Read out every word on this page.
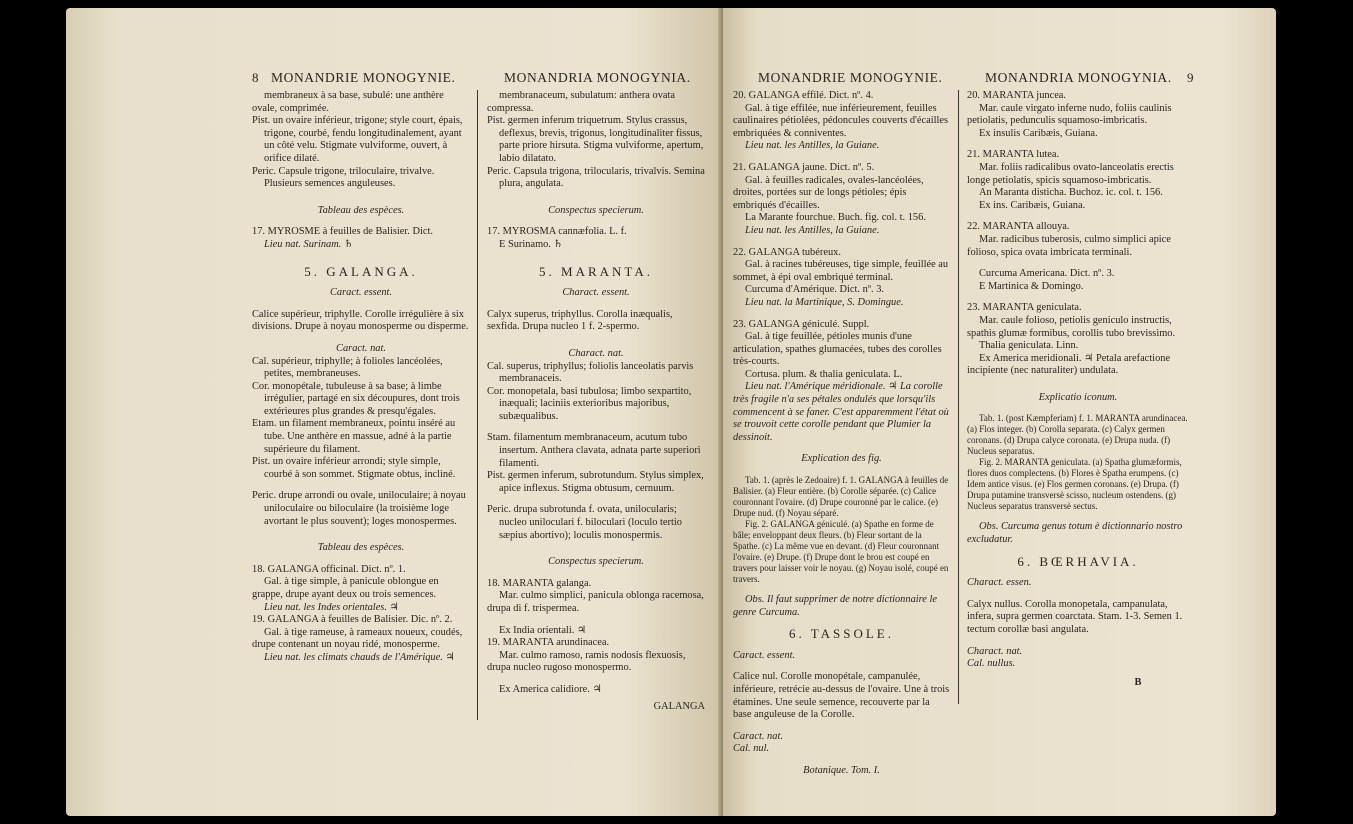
8 MONANDRIE MONOGYNIE.	MONANDRIA MONOGYNIA.

membraneux à sa base, subulé: une anthère ovale, comprimée.

Pist. un ovaire inférieur, trigone; style court, épais, trigone, courbé, fendu longitudinalement, ayant un côté velu. Stigmate vulviforme, ouvert, à orifice dilaté.

Peric. Capsule trigone, triloculaire, trivalve. Plusieurs semences anguleuses.

Tableau des espèces.

17. MYROSME à feuilles de Balisier. Dict.

Lieu nat. Surinam. ♄

5. GALANGA.

Caract. essent.

Calice supérieur, triphylle. Corolle irrégulière à six divisions. Drupe à noyau monosperme ou disperme.

Caract. nat.

Cal. supérieur, triphylle; à folioles lancéolées, petites, membraneuses.

Cor. monopétale, tubuleuse à sa base; à limbe irrégulier, partagé en six découpures, dont trois extérieures plus grandes & presqu'égales.

Etam. un filament membraneux, pointu inséré au tube. Une anthère en massue, adné à la partie supérieure du filament.

Pist. un ovaire inférieur arrondi; style simple, courbé à son sommet. Stigmate obtus, incliné.

Peric. drupe arrondi ou ovale, uniloculaire; à noyau uniloculaire ou biloculaire (la troisième loge avortant le plus souvent); loges monospermes.

Tableau des espèces.

18. GALANGA officinal. Dict. nº. 1.

Gal. à tige simple, à panicule oblongue en grappe, drupe ayant deux ou trois semences.

Lieu nat. les Indes orientales. ♃

19. GALANGA à feuilles de Balisier. Dic. nº. 2.

Gal. à tige rameuse, à rameaux noueux, coudés, drupe contenant un noyau ridé, monosperme.

Lieu nat. les climats chauds de l'Amérique. ♃

membranaceum, subulatum: anthera ovata compressa.

Pist. germen inferum triquetrum. Stylus crassus, deflexus, brevis, trigonus, longitudinaliter fissus, parte priore hirsuta. Stigma vulviforme, apertum, labio dilatato.

Peric. Capsula trigona, trilocularis, trivalvis. Semina plura, angulata.

Conspectus specierum.

17. MYROSMA cannæfolia. L. f.

E Surinamo. ♄

5. MARANTA.

Charact. essent.

Calyx superus, triphyllus. Corolla inæqualis, sexfida. Drupa nucleo 1 f. 2-spermo.

Charact. nat.

Cal. superus, triphyllus; foliolis lanceolatis parvis membranaceis.

Cor. monopetala, basi tubulosa; limbo sexpartito, inæquali; laciniis exterioribus majoribus, subæqualibus.

Stam. filamentum membranaceum, acutum tubo insertum. Anthera clavata, adnata parte superiori filamenti.

Pist. germen inferum, subrotundum. Stylus simplex, apice inflexus. Stigma obtusum, cernuum.

Peric. drupa subrotunda f. ovata, unilocularis; nucleo uniloculari f. biloculari (loculo tertio sæpius abortivo); loculis monospermis.

Conspectus specierum.

18. MARANTA galanga.

Mar. culmo simplici, panicula oblonga racemosa, drupa di f. trispermea.

Ex India orientali. ♃

19. MARANTA arundinacea.

Mar. culmo ramoso, ramis nodosis flexuosis, drupa nucleo rugoso monospermo.

Ex America calidiore. ♃

GALANGA

MONANDRIE MONOGYNIE.	MONANDRIA MONOGYNIA. 9

20. GALANGA effilé. Dict. nº. 4.

Gal. à tige effilée, nue inférieurement, feuilles caulinaires pétiolées, pédoncules couverts d'écailles embriquées & conniventes.

Lieu nat. les Antilles, la Guiane.

21. GALANGA jaune. Dict. nº. 5.

Gal. à feuilles radicales, ovales-lancéolées, droites, portées sur de longs pétioles; épis embriqués d'écailles.

La Marante fourchue. Buch. fig. col. t. 156.

Lieu nat. les Antilles, la Guiane.

22. GALANGA tubéreux.

Gal. à racines tubéreuses, tige simple, feuillée au sommet, à épi oval embriqué terminal.

Curcuma d'Amérique. Dict. nº. 3.

Lieu nat. la Martinique, S. Domingue.

23. GALANGA géniculé. Suppl.

Gal. à tige feuillée, pétioles munis d'une articulation, spathes glumacées, tubes des corolles très-courts.

Cortusa. plum. & thalia geniculata. L.

Lieu nat. l'Amérique méridionale. ♃ La corolle très fragile n'a ses pétales ondulés que lorsqu'ils commencent à se faner. C'est apparemment l'état où se trouvoit cette corolle pendant que Plumier la dessinoit.

Explication des fig.

Tab. 1. (après le Zedoaire) f. 1. GALANGA à feuilles de Balisier. (a) Fleur entière. (b) Corolle séparée. (c) Calice couronnant l'ovaire. (d) Drupe couronné par le calice. (e) Drupe nud. (f) Noyau séparé.

Fig. 2. GALANGA géniculé. (a) Spathe en forme de bâle; enveloppant deux fleurs. (b) Fleur sortant de la Spathe. (c) La même vue en devant. (d) Fleur couronnant l'ovaire. (e) Drupe. (f) Drupe dont le brou est coupé en travers pour laisser voir le noyau. (g) Noyau isolé, coupé en travers.

Obs. Il faut supprimer de notre dictionnaire le genre Curcuma.

6. TASSOLE.

Caract. essent.

Calice nul. Corolle monopétale, campanulée, inférieure, retrécie au-dessus de l'ovaire. Une à trois étamines. Une seule semence, recouverte par la base anguleuse de la Corolle.

Caract. nat.

Cal. nul.

Botanique. Tom. I.

20. MARANTA juncea.

Mar. caule virgato inferne nudo, foliis caulinis petiolatis, pedunculis squamoso-imbricatis.

Ex insulis Caribæis, Guiana.

21. MARANTA lutea.

Mar. foliis radicalibus ovato-lanceolatis erectis longe petiolatis, spicis squamoso-imbricatis.

An Maranta disticha. Buchoz. ic. col. t. 156.

Ex ins. Caribæis, Guiana.

22. MARANTA allouya.

Mar. radicibus tuberosis, culmo simplici apice folioso, spica ovata imbricata terminali.

Curcuma Americana. Dict. nº. 3.

E Martinica & Domingo.

23. MARANTA geniculata.

Mar. caule folioso, petiolis geniculo instructis, spathis glumæ formibus, corollis tubo brevissimo.

Thalia geniculata. Linn.

Ex America meridionali. ♃ Petala arefactione incipiente (nec naturaliter) undulata.

Explicatio iconum.

Tab. 1. (post Kæmpferiam) f. 1. MARANTA arundinacea. (a) Flos integer. (b) Corolla separata. (c) Calyx germen coronans. (d) Drupa calyce coronata. (e) Drupa nuda. (f) Nucleus separatus.

Fig. 2. MARANTA geniculata. (a) Spatha glumæformis, flores duos complectens. (b) Flores è Spatha erumpens. (c) Idem antice visus. (e) Flos germen coronans. (e) Drupa. (f) Drupa putamine transversè scisso, nucleum ostendens. (g) Nucleus separatus transversè sectus.

Obs. Curcuma genus totum è dictionnario nostro excludatur.

6. BŒRHAVIA.

Charact. essen.

Calyx nullus. Corolla monopetala, campanulata, infera, supra germen coarctata. Stam. 1-3. Semen 1. tectum corollæ basi angulata.

Charact. nat.

Cal. nullus.

B
